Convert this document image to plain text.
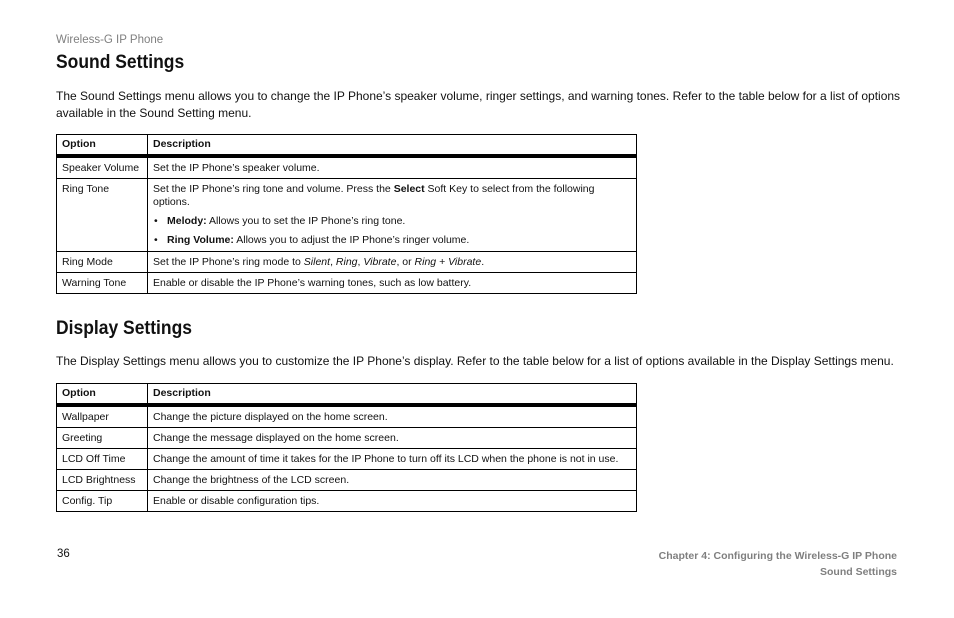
Wireless-G IP Phone
Sound Settings

The Sound Settings menu allows you to change the IP Phone’s speaker volume, ringer settings, and warning tones. Refer to the table below for a list of options available in the Sound Setting menu.

Option	Description
Speaker Volume	Set the IP Phone’s speaker volume.
Ring Tone	Set the IP Phone’s ring tone and volume. Press the Select Soft Key to select from the following options.
• Melody: Allows you to set the IP Phone’s ring tone.
• Ring Volume: Allows you to adjust the IP Phone’s ringer volume.

Ring Mode	Set the IP Phone’s ring mode to Silent, Ring, Vibrate, or Ring + Vibrate.
Warning Tone	Enable or disable the IP Phone’s warning tones, such as low battery.
Display Settings

The Display Settings menu allows you to customize the IP Phone’s display. Refer to the table below for a list of options available in the Display Settings menu.

Option	Description
Wallpaper	Change the picture displayed on the home screen.
Greeting	Change the message displayed on the home screen.
LCD Off Time	Change the amount of time it takes for the IP Phone to turn off its LCD when the phone is not in use.
LCD Brightness	Change the brightness of the LCD screen.
Config. Tip	Enable or disable configuration tips.
36	Chapter 4: Configuring the Wireless-G IP Phone
Sound Settings
